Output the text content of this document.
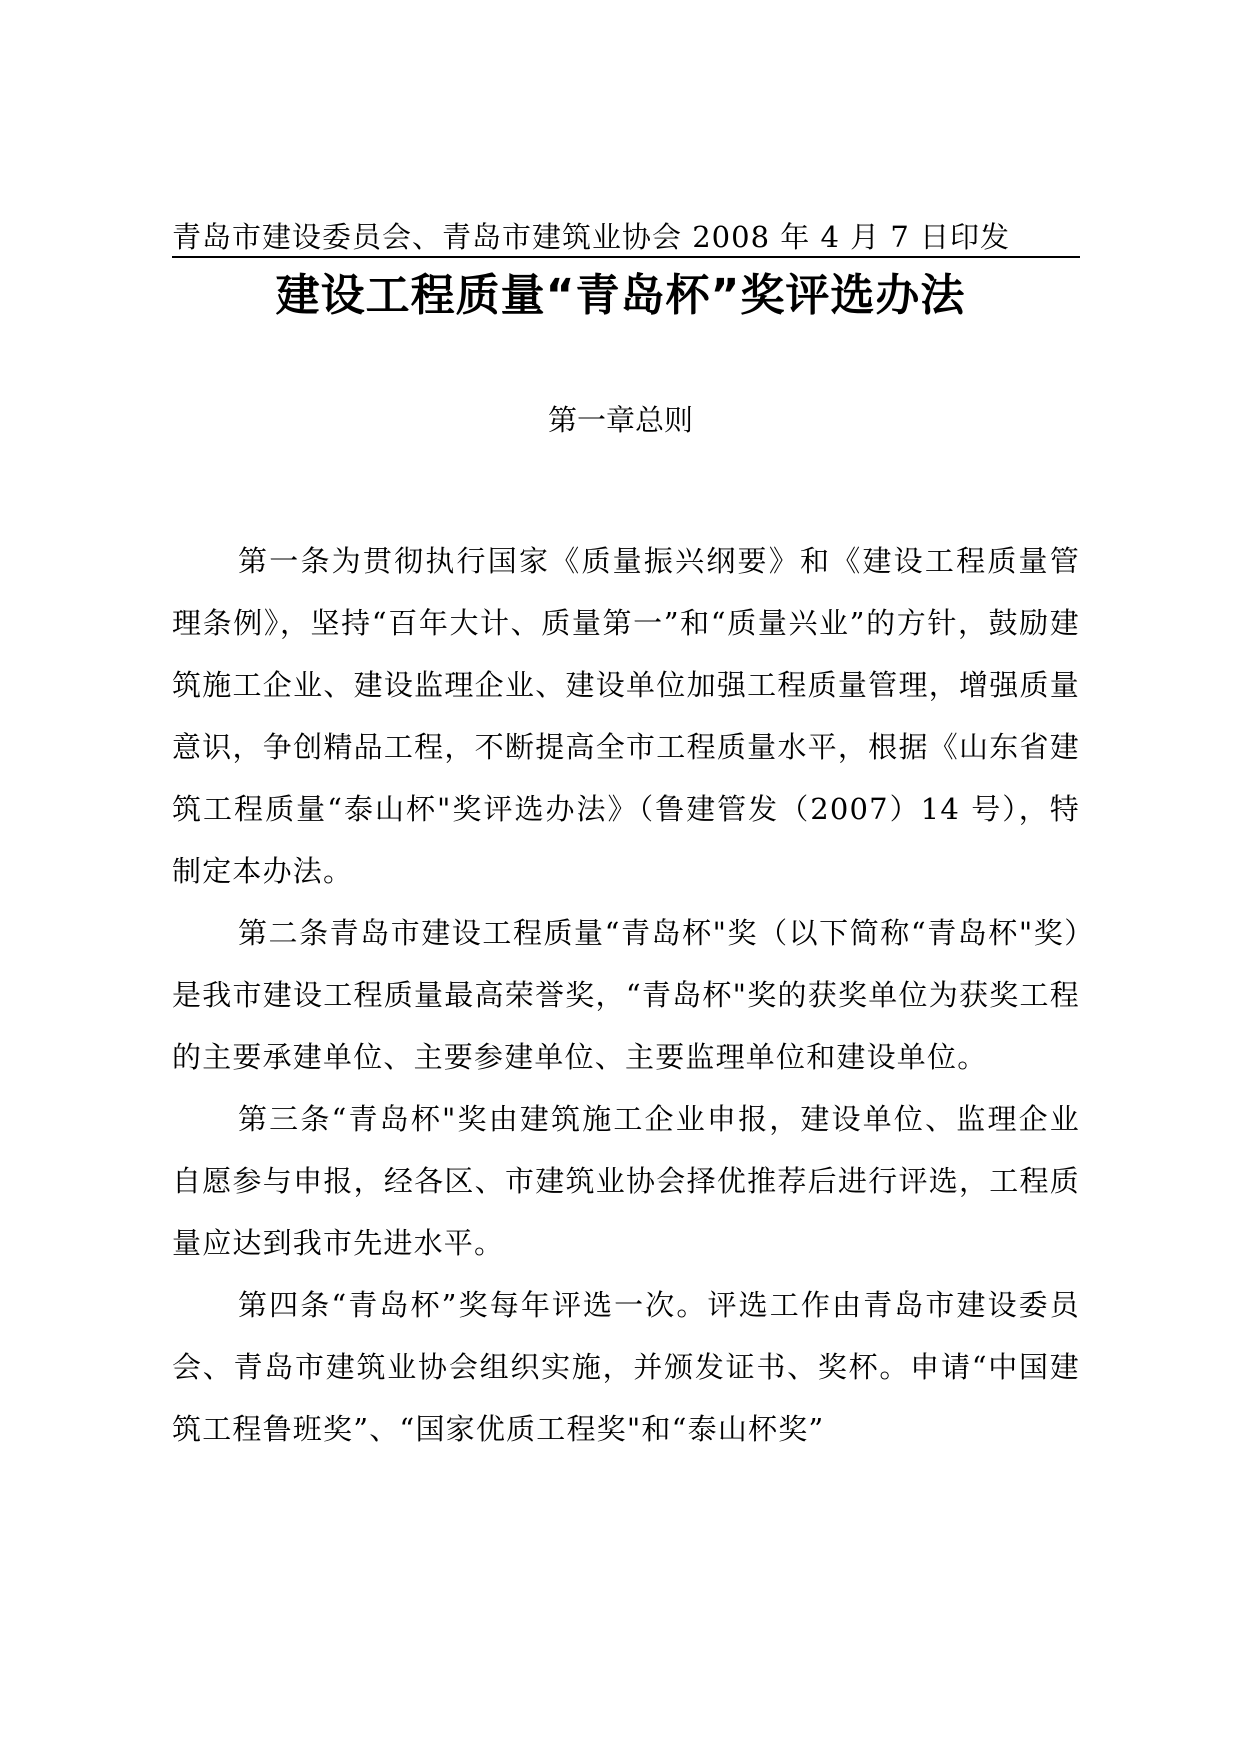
青岛市建设委员会、青岛市建筑业协会 2008 年 4 月 7 日印发
建设工程质量“青岛杯”奖评选办法
第一章总则

第一条为贯彻执行国家《质量振兴纲要》和《建设工程质量管理条例》，坚持“百年大计、质量第一”和“质量兴业”的方针，鼓励建筑施工企业、建设监理企业、建设单位加强工程质量管理，增强质量意识，争创精品工程，不断提高全市工程质量水平，根据《山东省建筑工程质量“泰山杯"奖评选办法》（鲁建管发（2007）14 号），特制定本办法。

第二条青岛市建设工程质量“青岛杯"奖（以下简称“青岛杯"奖）是我市建设工程质量最高荣誉奖，“青岛杯"奖的获奖单位为获奖工程的主要承建单位、主要参建单位、主要监理单位和建设单位。

第三条“青岛杯"奖由建筑施工企业申报，建设单位、监理企业自愿参与申报，经各区、市建筑业协会择优推荐后进行评选，工程质量应达到我市先进水平。

第四条“青岛杯”奖每年评选一次。评选工作由青岛市建设委员会、青岛市建筑业协会组织实施，并颁发证书、奖杯。申请“中国建筑工程鲁班奖”、“国家优质工程奖"和“泰山杯奖”
